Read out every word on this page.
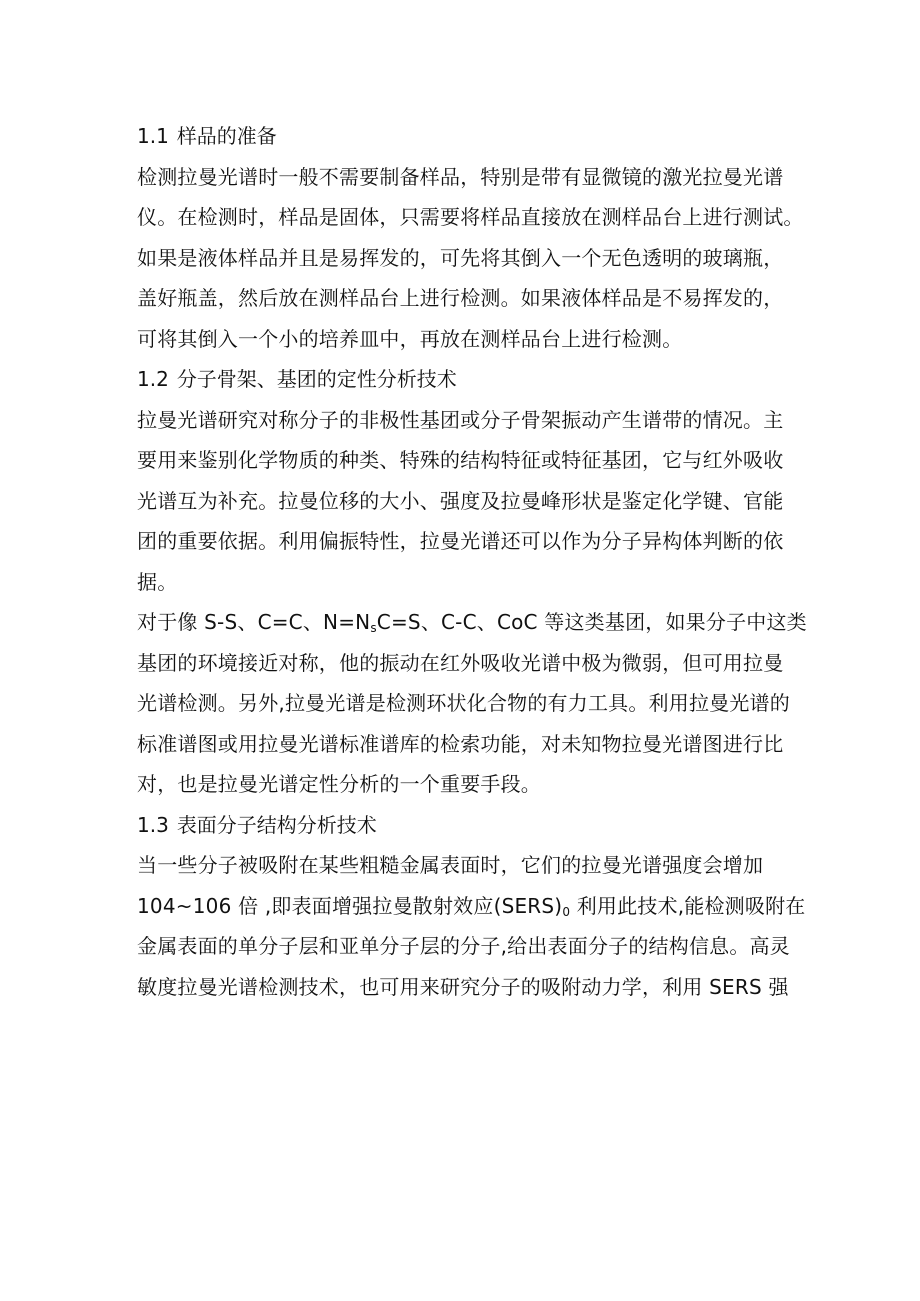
1.1 样品的准备
检测拉曼光谱时一般不需要制备样品，特别是带有显微镜的激光拉曼光谱
仪。在检测时，样品是固体，只需要将样品直接放在测样品台上进行测试。
如果是液体样品并且是易挥发的，可先将其倒入一个无色透明的玻璃瓶，
盖好瓶盖，然后放在测样品台上进行检测。如果液体样品是不易挥发的，
可将其倒入一个小的培养皿中，再放在测样品台上进行检测。
1.2 分子骨架、基团的定性分析技术
拉曼光谱研究对称分子的非极性基团或分子骨架振动产生谱带的情况。主
要用来鉴别化学物质的种类、特殊的结构特征或特征基团，它与红外吸收
光谱互为补充。拉曼位移的大小、强度及拉曼峰形状是鉴定化学键、官能
团的重要依据。利用偏振特性，拉曼光谱还可以作为分子异构体判断的依
据。
对于像 S-S、C=C、$N=N_sC=S$、C-C、CoC 等这类基团，如果分子中这类
基团的环境接近对称，他的振动在红外吸收光谱中极为微弱，但可用拉曼
光谱检测。另外,拉曼光谱是检测环状化合物的有力工具。利用拉曼光谱的
标准谱图或用拉曼光谱标准谱库的检索功能，对未知物拉曼光谱图进行比
对，也是拉曼光谱定性分析的一个重要手段。
1.3 表面分子结构分析技术
当一些分子被吸附在某些粗糙金属表面时，它们的拉曼光谱强度会增加
104~106 倍 ,即表面增强拉曼散射效应$(SERS)_0$ 利用此技术,能检测吸附在
金属表面的单分子层和亚单分子层的分子,给出表面分子的结构信息。高灵
敏度拉曼光谱检测技术，也可用来研究分子的吸附动力学，利用 SERS 强
